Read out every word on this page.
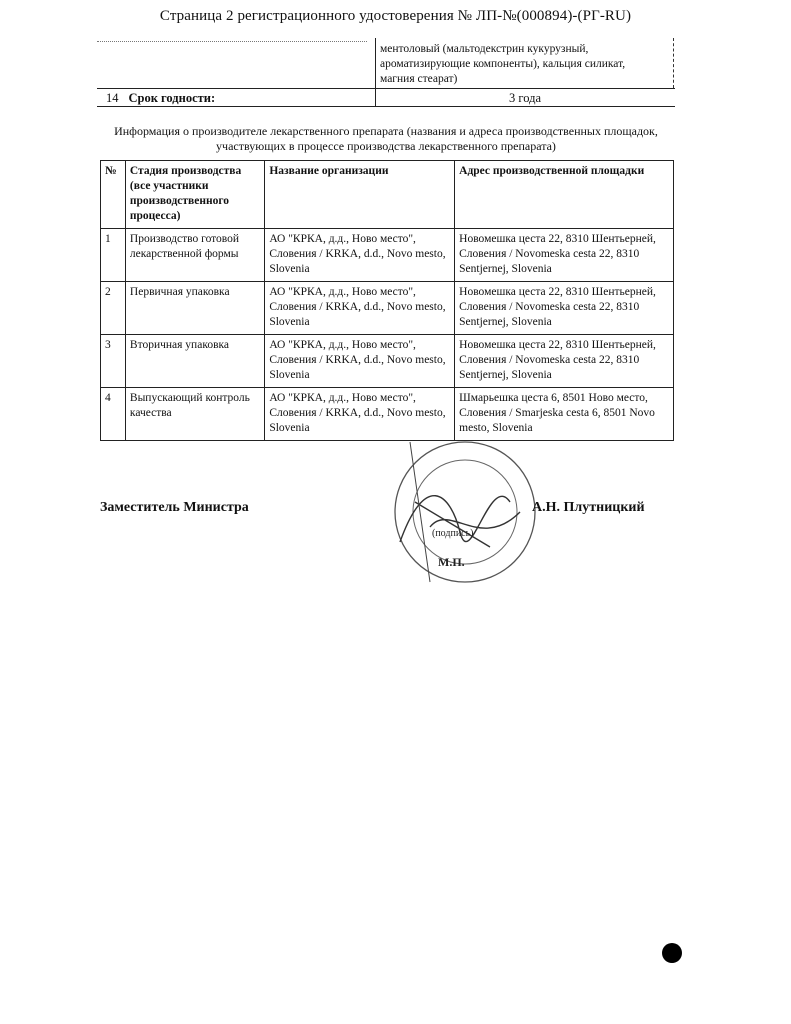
Страница 2 регистрационного удостоверения № ЛП-№(000894)-(РГ-RU)
ментоловый (мальтодекстрин кукурузный,
ароматизирующие компоненты), кальция силикат,
магния стеарат)
14 Срок годности:	3 года
Информация о производителе лекарственного препарата (названия и адреса производственных площадок,
участвующих в процессе производства лекарственного препарата)
№	Стадия производства (все участники производственного процесса)	Название организации	Адрес производственной площадки
1	Производство готовой лекарственной формы	АО "КРКА, д.д., Ново место", Словения / KRKA, d.d., Novo mesto, Slovenia	Новомешка цеста 22, 8310 Шентьерней, Словения / Novomeska cesta 22, 8310 Sentjernej, Slovenia
2	Первичная упаковка	АО "КРКА, д.д., Ново место", Словения / KRKA, d.d., Novo mesto, Slovenia	Новомешка цеста 22, 8310 Шентьерней, Словения / Novomeska cesta 22, 8310 Sentjernej, Slovenia
3	Вторичная упаковка	АО "КРКА, д.д., Ново место", Словения / KRKA, d.d., Novo mesto, Slovenia	Новомешка цеста 22, 8310 Шентьерней, Словения / Novomeska cesta 22, 8310 Sentjernej, Slovenia
4	Выпускающий контроль качества	АО "КРКА, д.д., Ново место", Словения / KRKA, d.d., Novo mesto, Slovenia	Шмарьешка цеста 6, 8501 Ново место, Словения / Smarjeska cesta 6, 8501 Novo mesto, Slovenia
Заместитель Министра
(подпись)
М.П.
А.Н. Плутницкий
